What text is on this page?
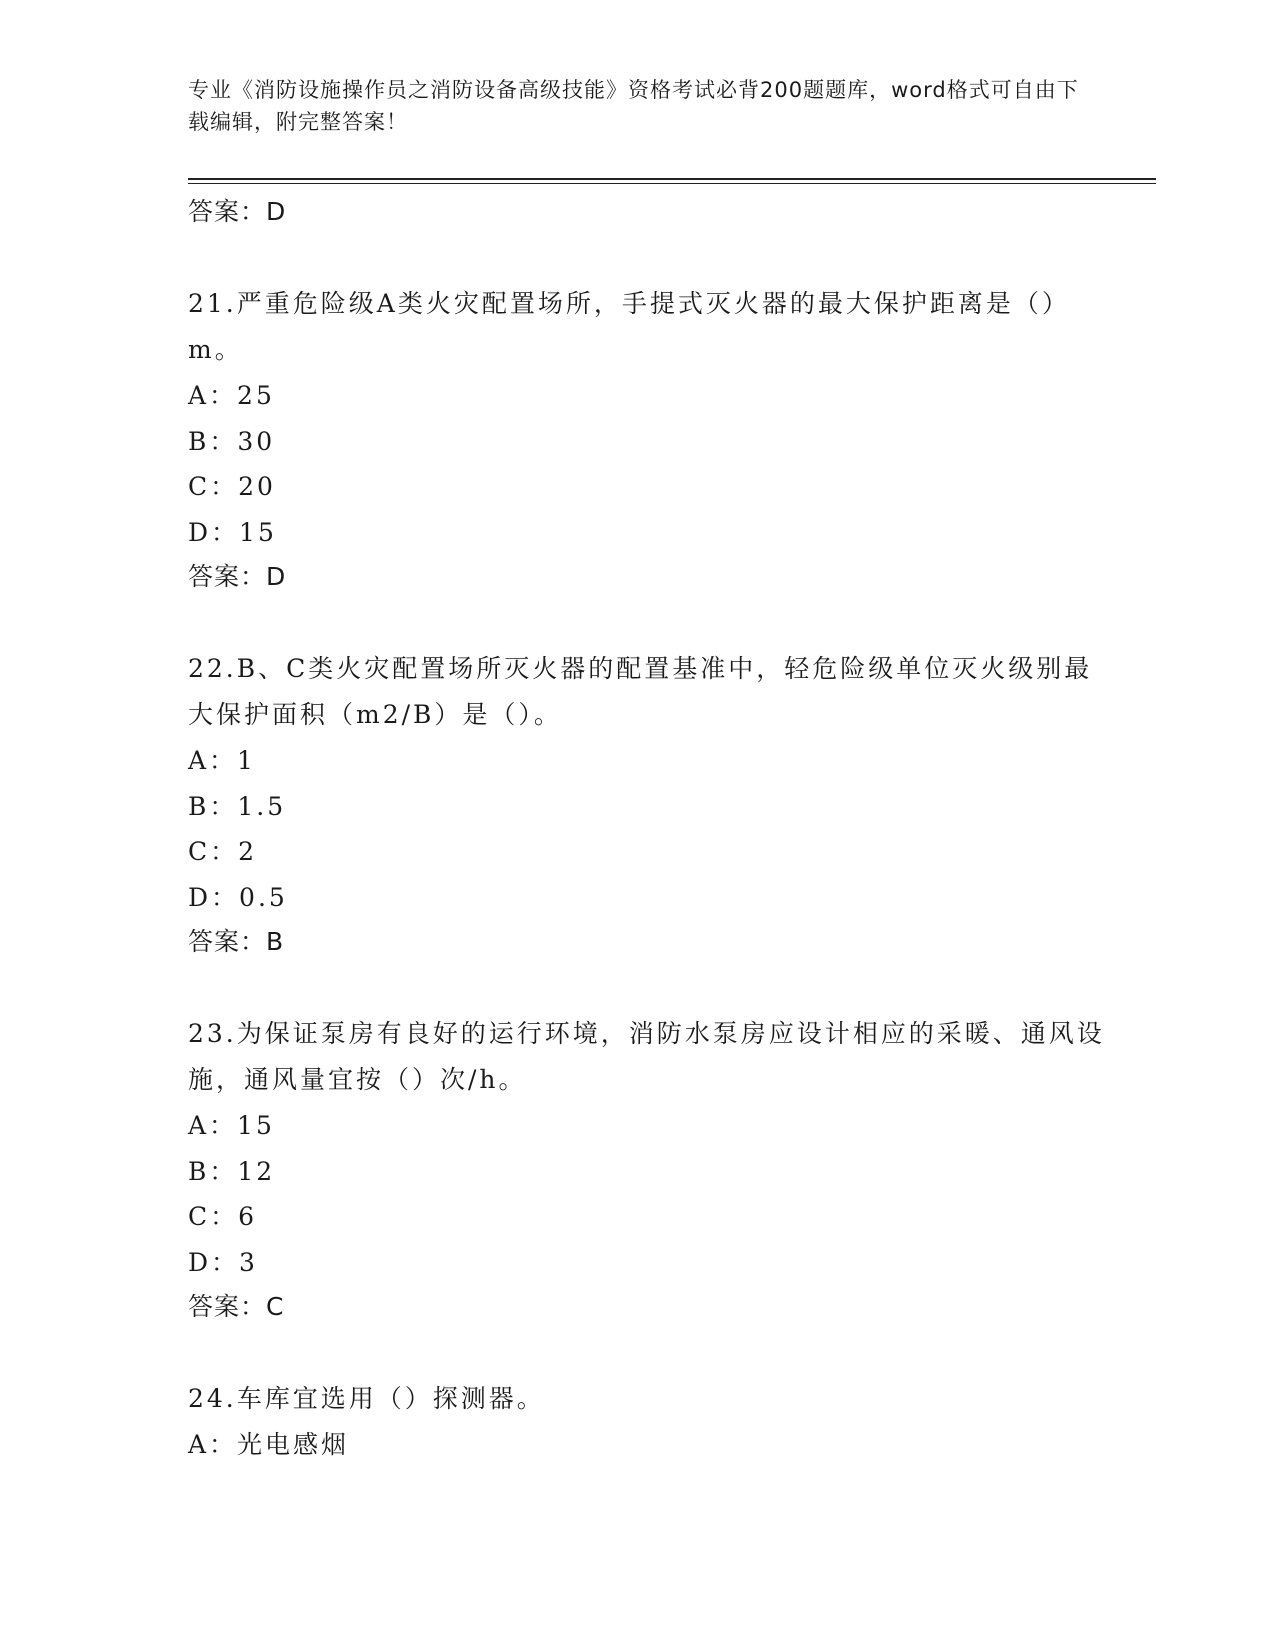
专业《消防设施操作员之消防设备高级技能》资格考试必背200题题库，word格式可自由下载编辑，附完整答案！

答案：D

21.严重危险级A类火灾配置场所，手提式灭火器的最大保护距离是（）m。

A：25

B：30

C：20

D：15

答案：D

22.B、C类火灾配置场所灭火器的配置基准中，轻危险级单位灭火级别最大保护面积（m2/B）是（）。

A：1

B：1.5

C：2

D：0.5

答案：B

23.为保证泵房有良好的运行环境，消防水泵房应设计相应的采暖、通风设施，通风量宜按（）次/h。

A：15

B：12

C：6

D：3

答案：C

24.车库宜选用（）探测器。

A：光电感烟
